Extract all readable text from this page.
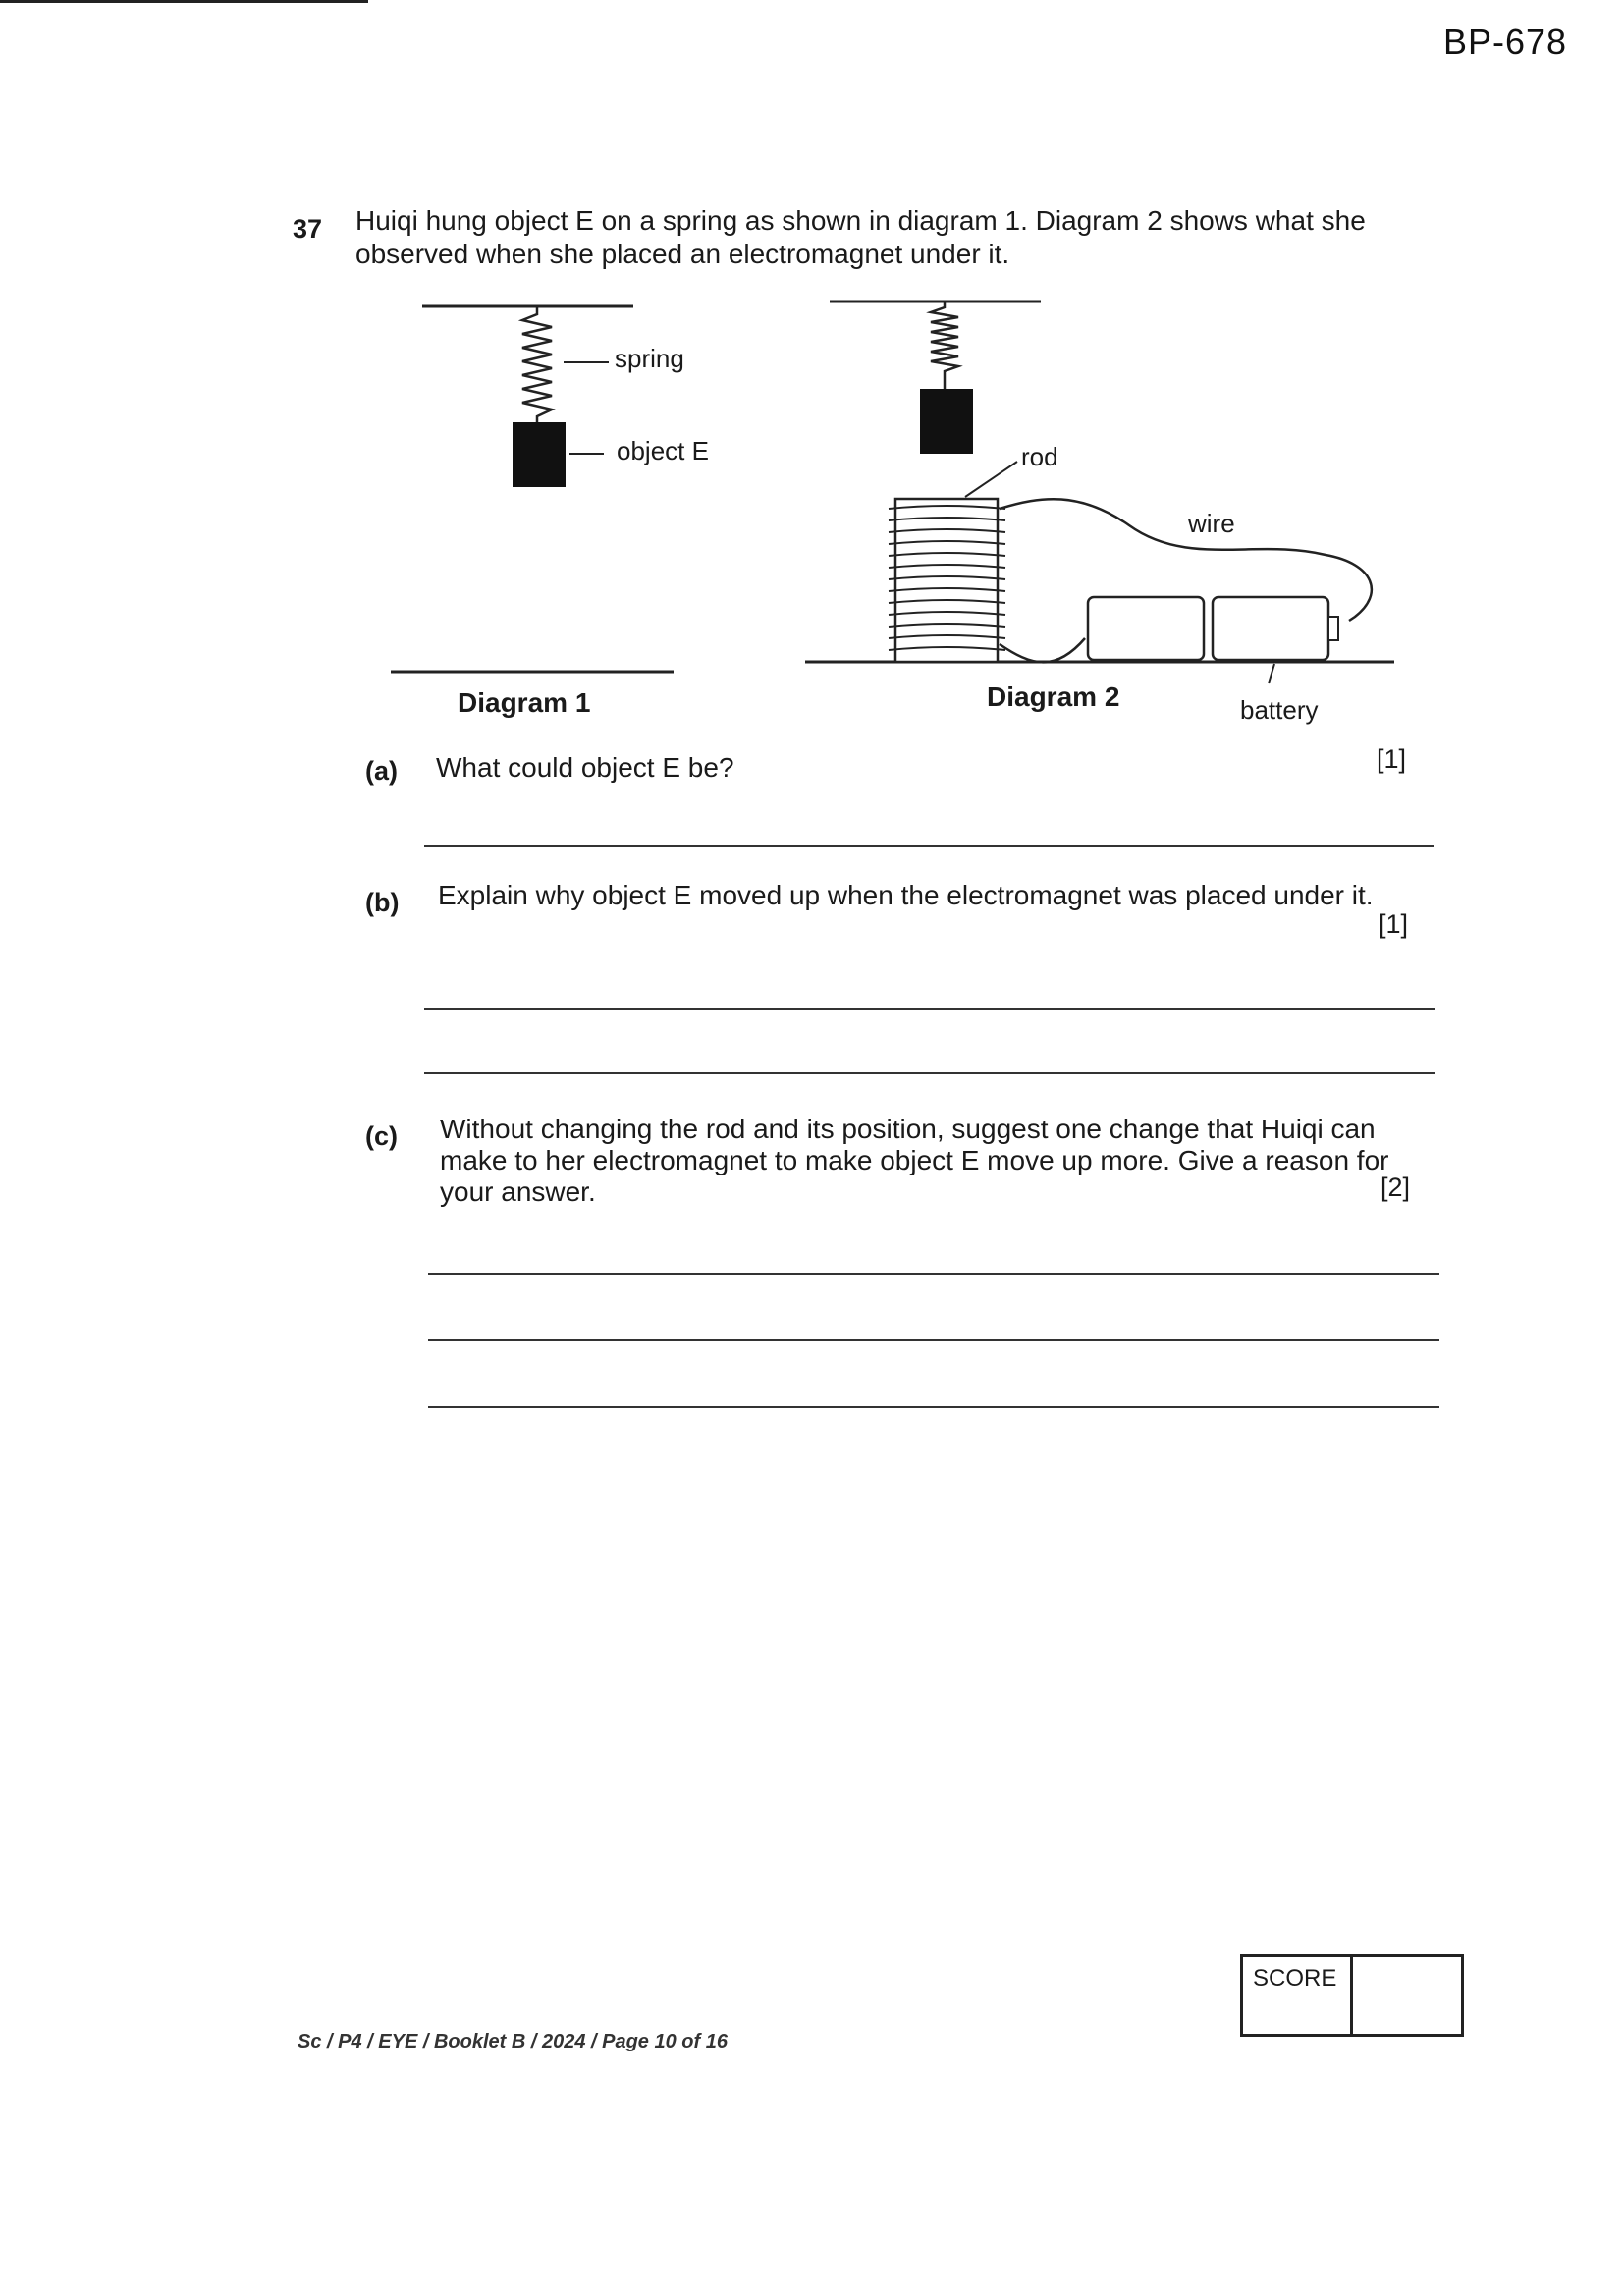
BP-678
37 Huiqi hung object E on a spring as shown in diagram 1. Diagram 2 shows what she observed when she placed an electromagnet under it.
spring
object E
Diagram 1
rod
wire
Diagram 2	battery
(a) What could object E be?	[1]
(b) Explain why object E moved up when the electromagnet was placed under it.
[1]
(c) Without changing the rod and its position, suggest one change that Huiqi can make to her electromagnet to make object E move up more. Give a reason for your answer.	[2]
SCORE
Sc / P4 / EYE / Booklet B / 2024 / Page 10 of 16
